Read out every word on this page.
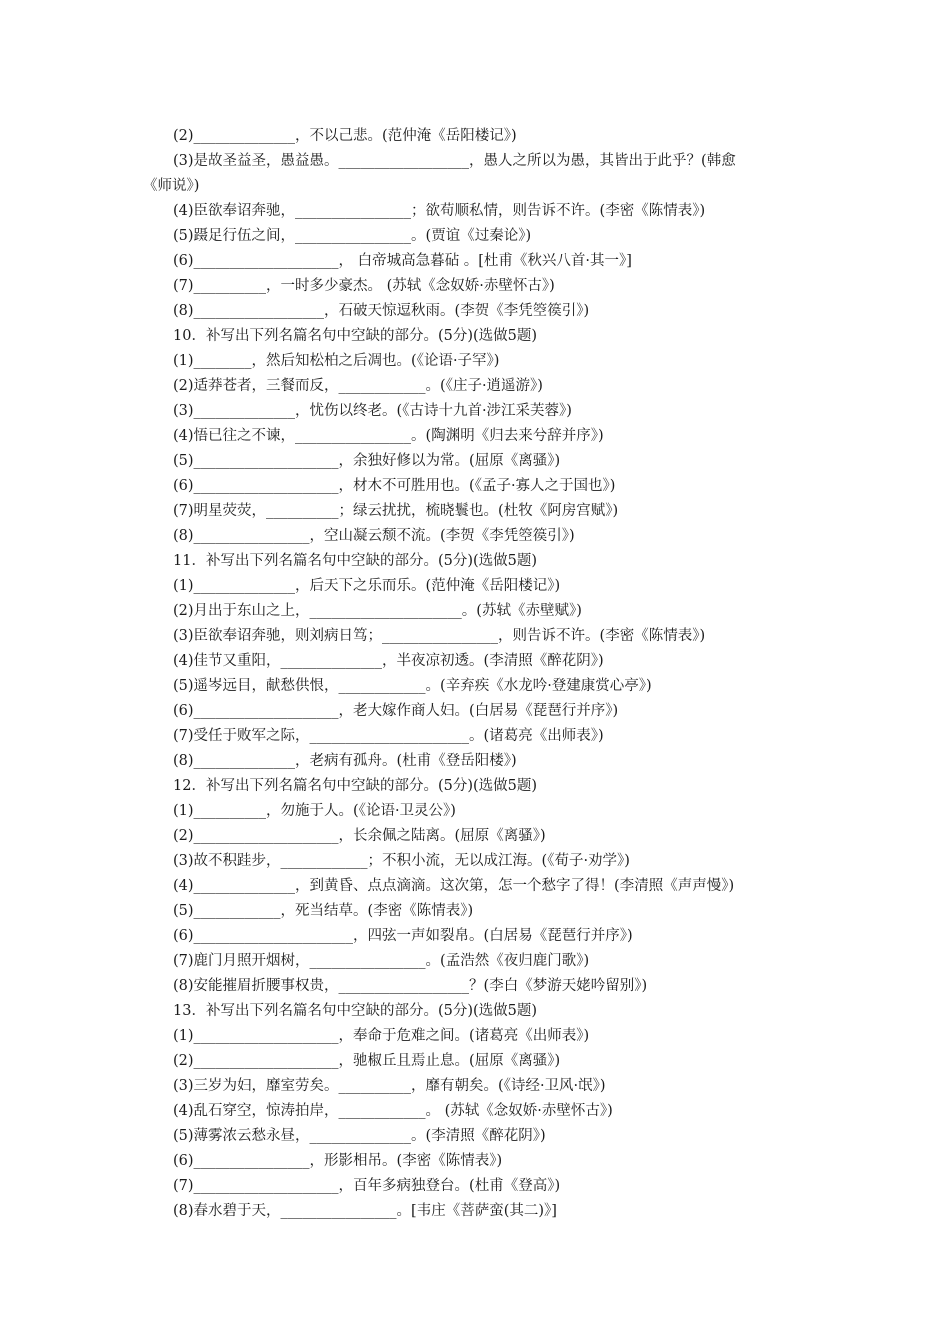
(2)______________，不以己悲。(范仲淹《岳阳楼记》)
(3)是故圣益圣，愚益愚。__________________，愚人之所以为愚，其皆出于此乎？(韩愈
《师说》)
(4)臣欲奉诏奔驰，________________；欲苟顺私情，则告诉不许。(李密《陈情表》)
(5)蹑足行伍之间，________________。(贾谊《过秦论》)
(6)____________________， 白帝城高急暮砧 。[杜甫《秋兴八首·其一》]
(7)__________，一时多少豪杰。 (苏轼《念奴娇·赤壁怀古》)
(8)__________________，石破天惊逗秋雨。(李贺《李凭箜篌引》)
10．补写出下列名篇名句中空缺的部分。(5分)(选做5题)
(1)________，然后知松柏之后凋也。(《论语·子罕》)
(2)适莽苍者，三餐而反，____________。(《庄子·逍遥游》)
(3)______________，忧伤以终老。(《古诗十九首·涉江采芙蓉》)
(4)悟已往之不谏，________________。(陶渊明《归去来兮辞并序》)
(5)____________________，余独好修以为常。(屈原《离骚》)
(6)____________________，材木不可胜用也。(《孟子·寡人之于国也》)
(7)明星荧荧，__________；绿云扰扰，梳晓鬟也。(杜牧《阿房宫赋》)
(8)________________，空山凝云颓不流。(李贺《李凭箜篌引》)
11．补写出下列名篇名句中空缺的部分。(5分)(选做5题)
(1)______________，后天下之乐而乐。(范仲淹《岳阳楼记》)
(2)月出于东山之上，_____________________。(苏轼《赤壁赋》)
(3)臣欲奉诏奔驰，则刘病日笃；________________，则告诉不许。(李密《陈情表》)
(4)佳节又重阳，______________，半夜凉初透。(李清照《醉花阴》)
(5)遥岑远目，献愁供恨，____________。(辛弃疾《水龙吟·登建康赏心亭》)
(6)____________________，老大嫁作商人妇。(白居易《琵琶行并序》)
(7)受任于败军之际，______________________。(诸葛亮《出师表》)
(8)______________，老病有孤舟。(杜甫《登岳阳楼》)
12．补写出下列名篇名句中空缺的部分。(5分)(选做5题)
(1)__________，勿施于人。(《论语·卫灵公》)
(2)____________________，长余佩之陆离。(屈原《离骚》)
(3)故不积跬步，____________；不积小流，无以成江海。(《荀子·劝学》)
(4)______________，到黄昏、点点滴滴。这次第，怎一个愁字了得！(李清照《声声慢》)
(5)____________，死当结草。(李密《陈情表》)
(6)______________________，四弦一声如裂帛。(白居易《琵琶行并序》)
(7)鹿门月照开烟树，________________。(孟浩然《夜归鹿门歌》)
(8)安能摧眉折腰事权贵，__________________？(李白《梦游天姥吟留别》)
13．补写出下列名篇名句中空缺的部分。(5分)(选做5题)
(1)____________________，奉命于危难之间。(诸葛亮《出师表》)
(2)____________________，驰椒丘且焉止息。(屈原《离骚》)
(3)三岁为妇，靡室劳矣。__________，靡有朝矣。(《诗经·卫风·氓》)
(4)乱石穿空，惊涛拍岸，____________。 (苏轼《念奴娇·赤壁怀古》)
(5)薄雾浓云愁永昼，______________。(李清照《醉花阴》)
(6)________________，形影相吊。(李密《陈情表》)
(7)____________________，百年多病独登台。(杜甫《登高》)
(8)春水碧于天，________________。[韦庄《菩萨蛮(其二)》]
